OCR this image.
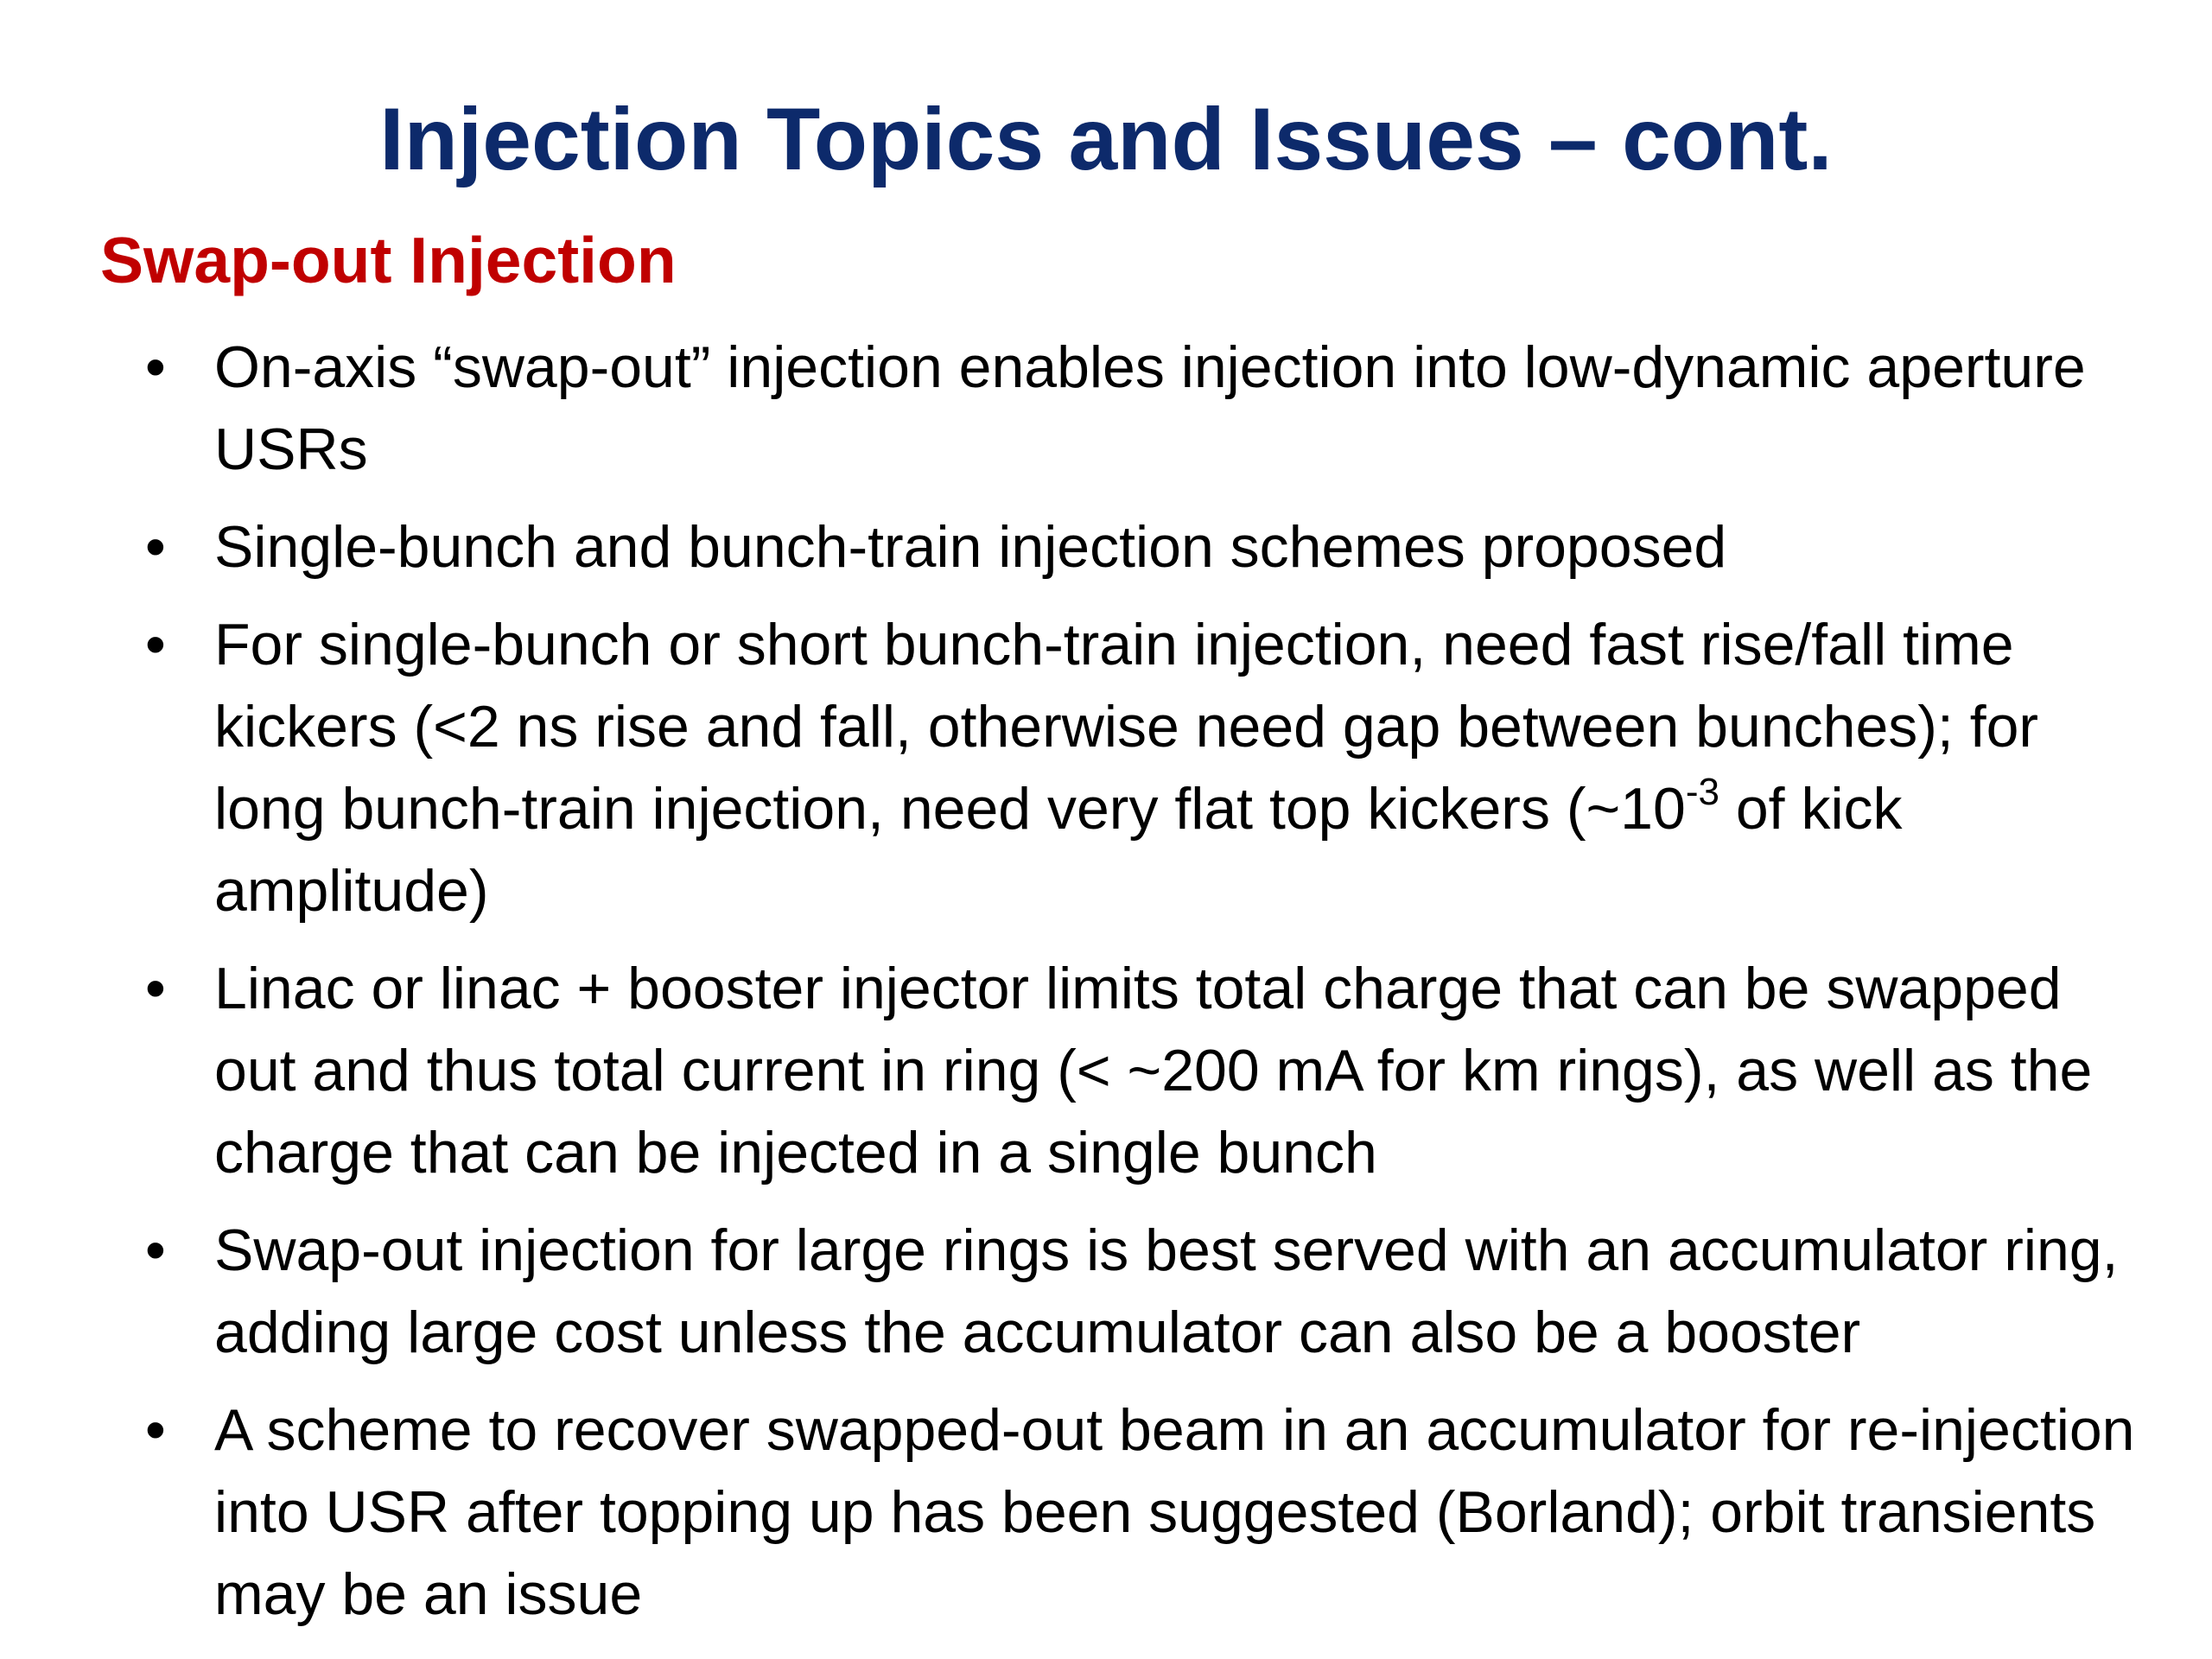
Injection Topics and Issues – cont.
Swap-out Injection
• On-axis “swap-out” injection enables injection into low-dynamic aperture USRs
• Single-bunch and bunch-train injection schemes proposed
• For single-bunch or short bunch-train injection, need fast rise/fall time kickers (<2 ns rise and fall, otherwise need gap between bunches); for long bunch-train injection, need very flat top kickers ($\sim 10^{-3}$ of kick amplitude)
• Linac or linac + booster injector limits total charge that can be swapped out and thus total current in ring (< ~200 mA for km rings), as well as the charge that can be injected in a single bunch
• Swap-out injection for large rings is best served with an accumulator ring, adding large cost unless the accumulator can also be a booster
• A scheme to recover swapped-out beam in an accumulator for re-injection into USR after topping up has been suggested (Borland); orbit transients may be an issue
